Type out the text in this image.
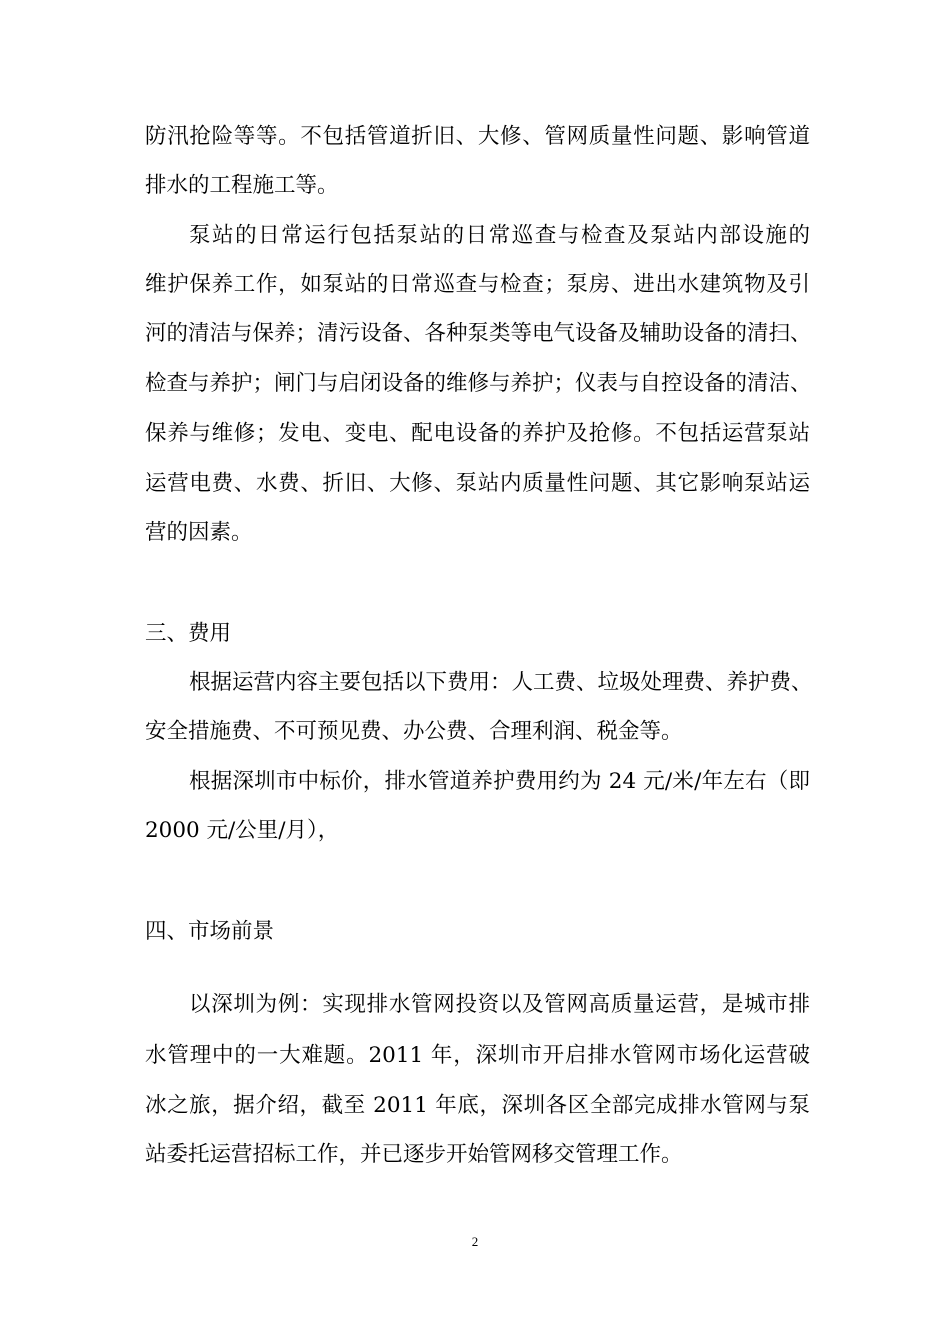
防汛抢险等等。不包括管道折旧、大修、管网质量性问题、影响管道
排水的工程施工等。
泵站的日常运行包括泵站的日常巡查与检查及泵站内部设施的
维护保养工作，如泵站的日常巡查与检查；泵房、进出水建筑物及引
河的清洁与保养；清污设备、各种泵类等电气设备及辅助设备的清扫、
检查与养护；闸门与启闭设备的维修与养护；仪表与自控设备的清洁、
保养与维修；发电、变电、配电设备的养护及抢修。不包括运营泵站
运营电费、水费、折旧、大修、泵站内质量性问题、其它影响泵站运
营的因素。
三、费用
根据运营内容主要包括以下费用：人工费、垃圾处理费、养护费、
安全措施费、不可预见费、办公费、合理利润、税金等。
根据深圳市中标价，排水管道养护费用约为 24 元/米/年左右（即
2000 元/公里/月），
四、市场前景
以深圳为例：实现排水管网投资以及管网高质量运营，是城市排
水管理中的一大难题。2011 年，深圳市开启排水管网市场化运营破
冰之旅，据介绍，截至 2011 年底，深圳各区全部完成排水管网与泵
站委托运营招标工作，并已逐步开始管网移交管理工作。
2
